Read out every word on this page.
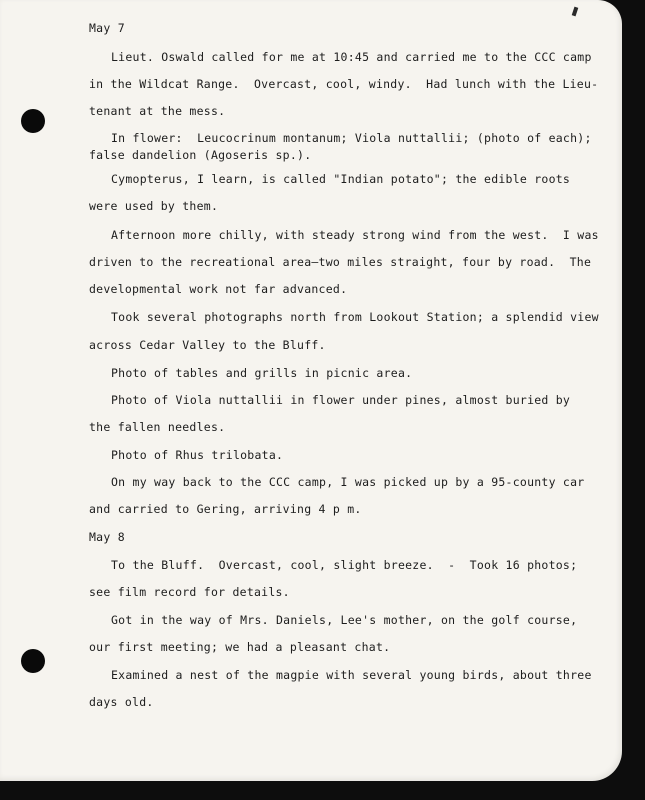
May 7

Lieut. Oswald called for me at 10:45 and carried me to the CCC camp

in the Wildcat Range.  Overcast, cool, windy.  Had lunch with the Lieu-

tenant at the mess.

In flower:  Leucocrinum montanum; Viola nuttallii; (photo of each);

false dandelion (Agoseris sp.).

Cymopterus, I learn, is called "Indian potato"; the edible roots

were used by them.

Afternoon more chilly, with steady strong wind from the west.  I was

driven to the recreational area—two miles straight, four by road.  The

developmental work not far advanced.

Took several photographs north from Lookout Station; a splendid view

across Cedar Valley to the Bluff.

Photo of tables and grills in picnic area.

Photo of Viola nuttallii in flower under pines, almost buried by

the fallen needles.

Photo of Rhus trilobata.

On my way back to the CCC camp, I was picked up by a 95-county car

and carried to Gering, arriving 4 p m.

May 8

To the Bluff.  Overcast, cool, slight breeze.  -  Took 16 photos;

see film record for details.

Got in the way of Mrs. Daniels, Lee's mother, on the golf course,

our first meeting; we had a pleasant chat.

Examined a nest of the magpie with several young birds, about three

days old.
